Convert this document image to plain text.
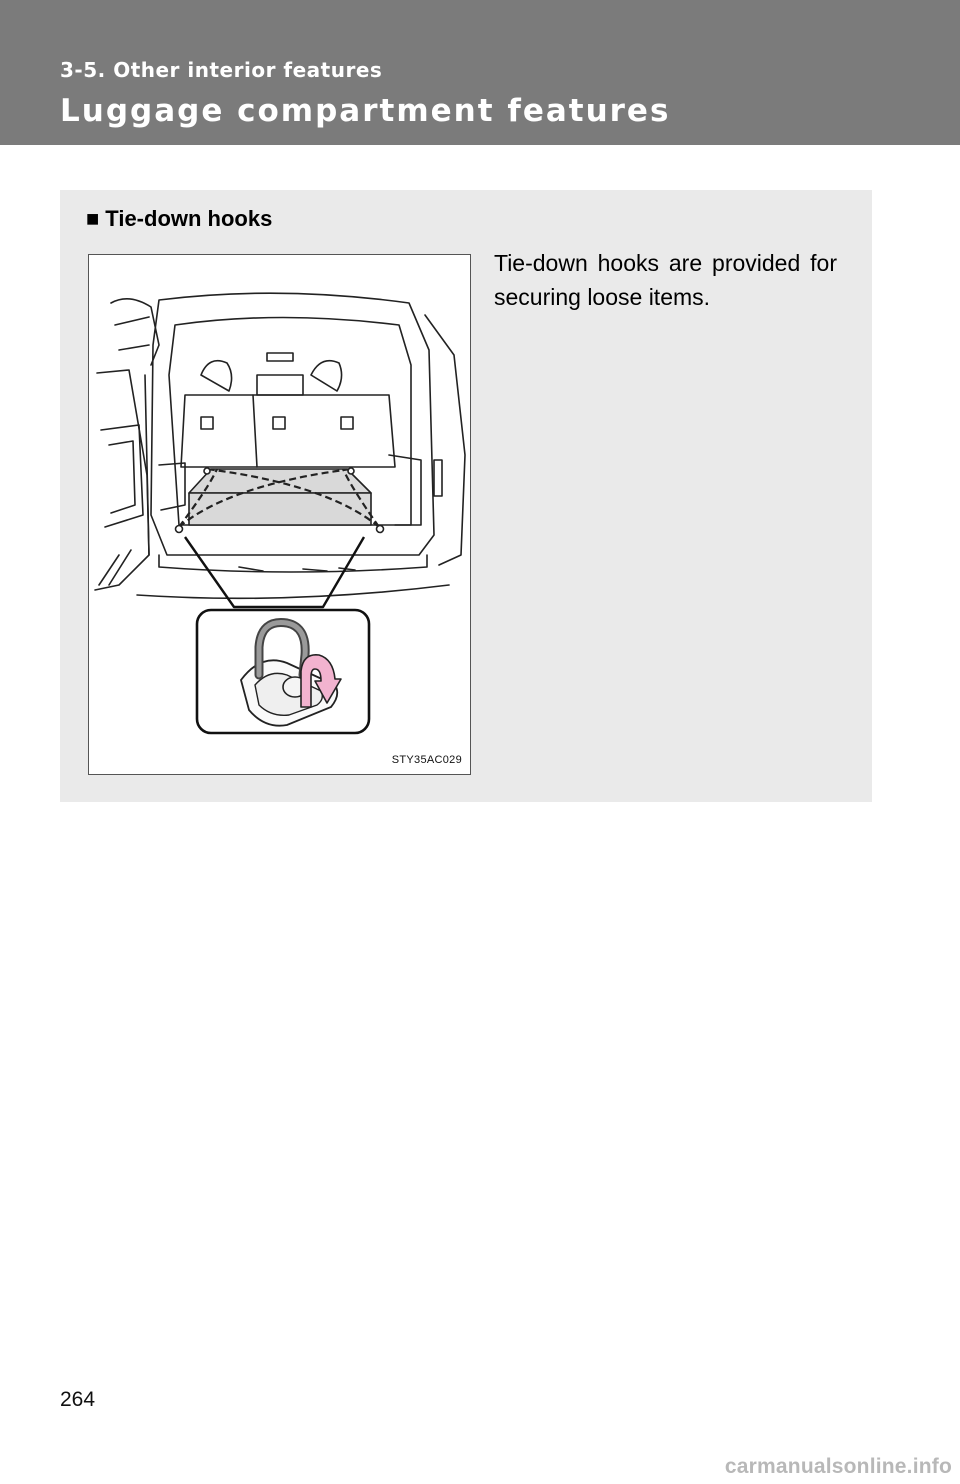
3-5. Other interior features
Luggage compartment features
■ Tie-down hooks
STY35AC029
Tie-down hooks are provided for securing loose items.
264
carmanualsonline.info
